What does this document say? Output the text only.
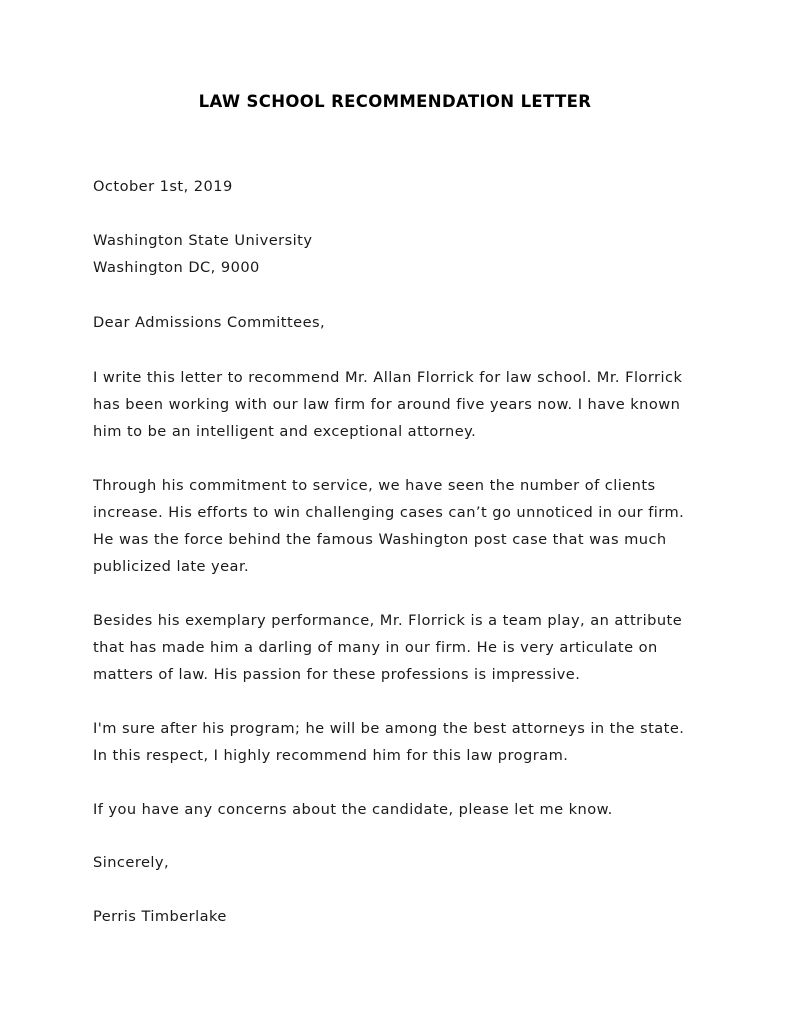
LAW SCHOOL RECOMMENDATION LETTER
October 1st, 2019
Washington State University
Washington DC, 9000
Dear Admissions Committees,
I write this letter to recommend Mr. Allan Florrick for law school. Mr. Florrick
has been working with our law firm for around five years now. I have known
him to be an intelligent and exceptional attorney.
Through his commitment to service, we have seen the number of clients
increase. His efforts to win challenging cases can’t go unnoticed in our firm.
He was the force behind the famous Washington post case that was much
publicized late year.
Besides his exemplary performance, Mr. Florrick is a team play, an attribute
that has made him a darling of many in our firm. He is very articulate on
matters of law. His passion for these professions is impressive.
I'm sure after his program; he will be among the best attorneys in the state.
In this respect, I highly recommend him for this law program.
If you have any concerns about the candidate, please let me know.
Sincerely,
Perris Timberlake
